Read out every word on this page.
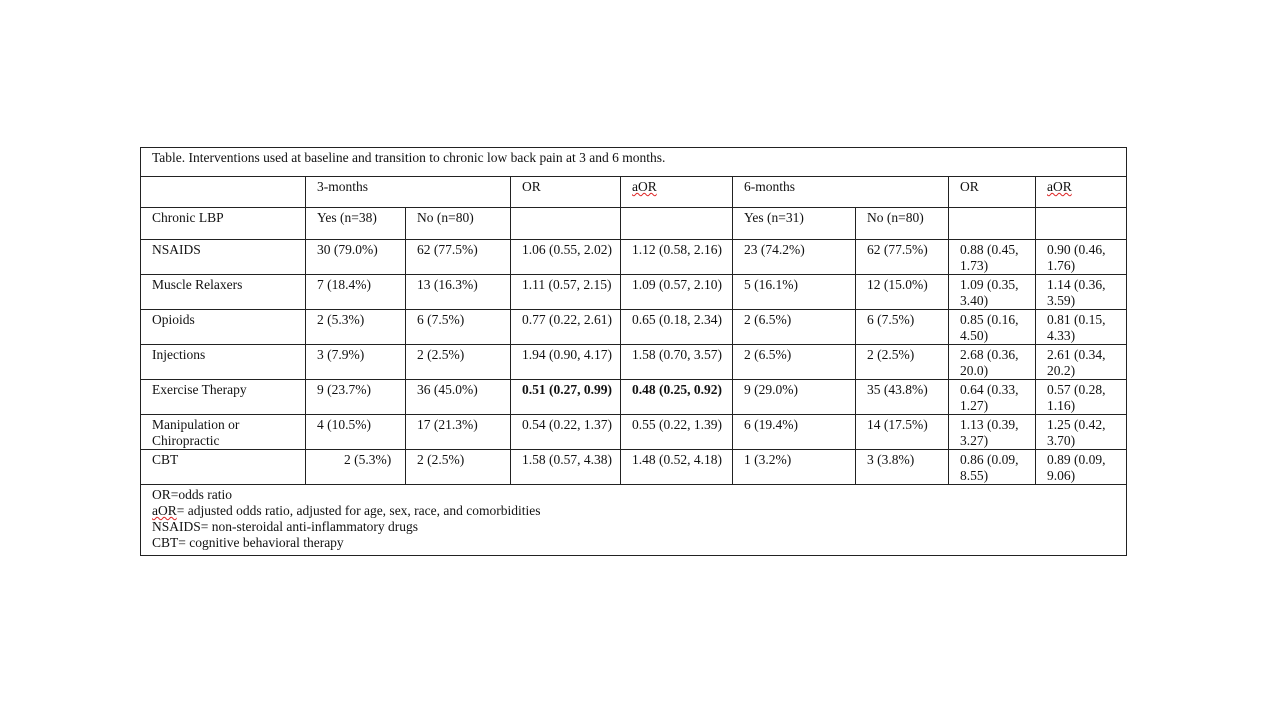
Table. Interventions used at baseline and transition to chronic low back pain at 3 and 6 months.								
	3-months		OR	aOR	6-months		OR	aOR
Chronic LBP	Yes (n=38)	No (n=80)			Yes (n=31)	No (n=80)		
NSAIDS	30 (79.0%)	62 (77.5%)	1.06 (0.55, 2.02)	1.12 (0.58, 2.16)	23 (74.2%)	62 (77.5%)	0.88 (0.45, 1.73)	0.90 (0.46, 1.76)
Muscle Relaxers	7 (18.4%)	13 (16.3%)	1.11 (0.57, 2.15)	1.09 (0.57, 2.10)	5 (16.1%)	12 (15.0%)	1.09 (0.35, 3.40)	1.14 (0.36, 3.59)
Opioids	2 (5.3%)	6 (7.5%)	0.77 (0.22, 2.61)	0.65 (0.18, 2.34)	2 (6.5%)	6 (7.5%)	0.85 (0.16, 4.50)	0.81 (0.15, 4.33)
Injections	3 (7.9%)	2 (2.5%)	1.94 (0.90, 4.17)	1.58 (0.70, 3.57)	2 (6.5%)	2 (2.5%)	2.68 (0.36, 20.0)	2.61 (0.34, 20.2)
Exercise Therapy	9 (23.7%)	36 (45.0%)	0.51 (0.27, 0.99)	0.48 (0.25, 0.92)	9 (29.0%)	35 (43.8%)	0.64 (0.33, 1.27)	0.57 (0.28, 1.16)
Manipulation or Chiropractic	4 (10.5%)	17 (21.3%)	0.54 (0.22, 1.37)	0.55 (0.22, 1.39)	6 (19.4%)	14 (17.5%)	1.13 (0.39, 3.27)	1.25 (0.42, 3.70)
CBT	2 (5.3%)	2 (2.5%)	1.58 (0.57, 4.38)	1.48 (0.52, 4.18)	1 (3.2%)	3 (3.8%)	0.86 (0.09, 8.55)	0.89 (0.09, 9.06)

OR=odds ratio
aOR= adjusted odds ratio, adjusted for age, sex, race, and comorbidities
NSAIDS= non-steroidal anti-inflammatory drugs
CBT= cognitive behavioral therapy								
